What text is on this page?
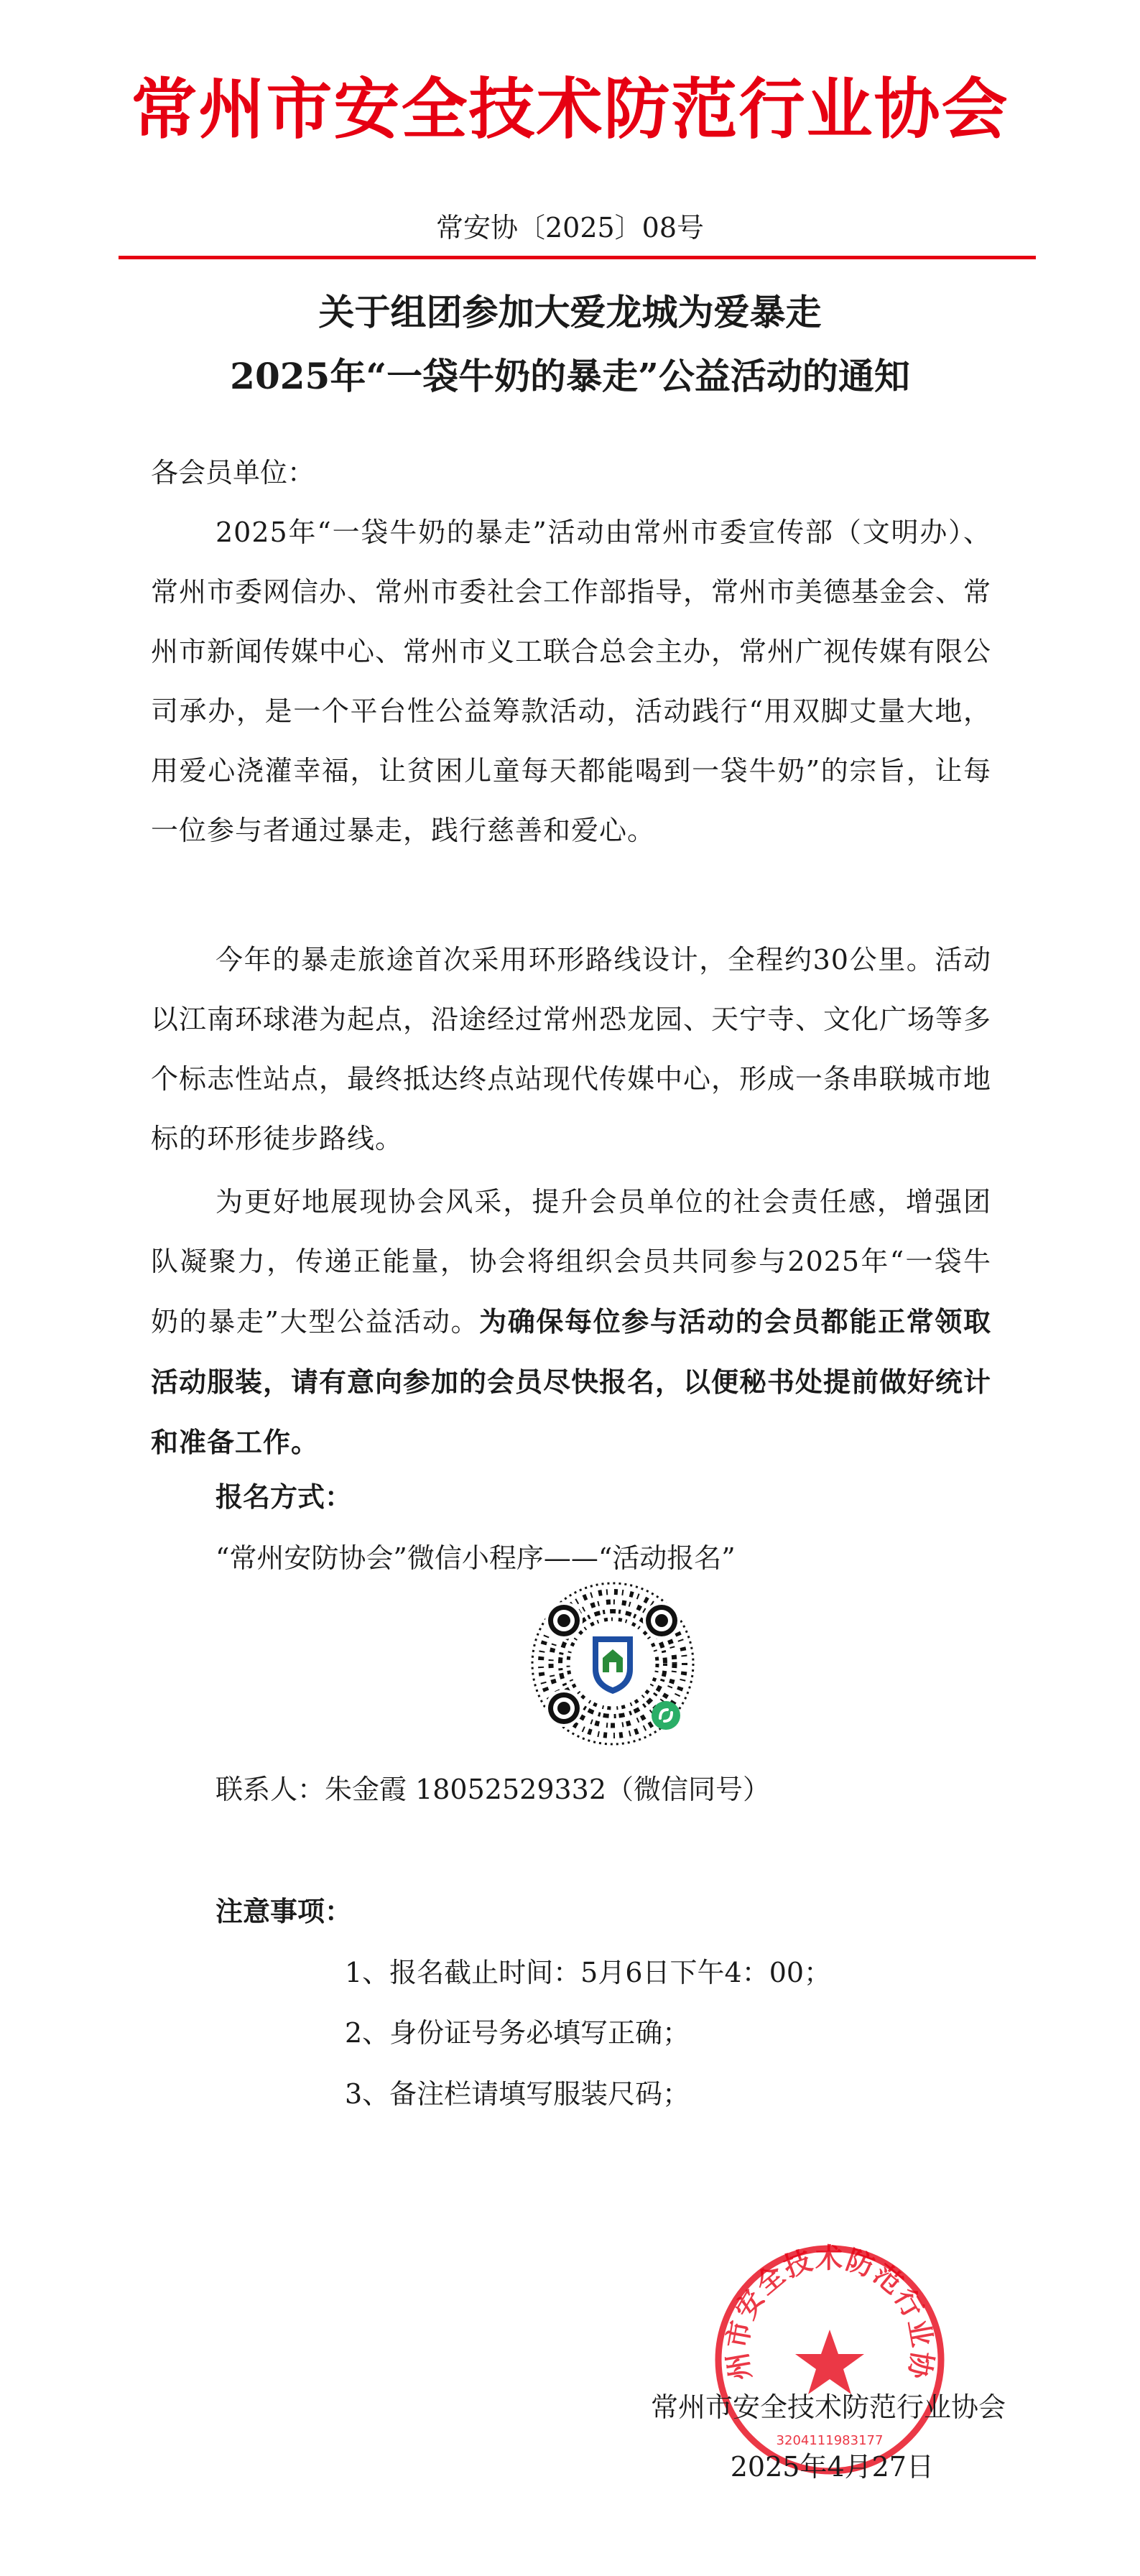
常州市安全技术防范行业协会
常安协〔2025〕08号
关于组团参加大爱龙城为爱暴走
2025年“一袋牛奶的暴走”公益活动的通知
各会员单位：
2025年“一袋牛奶的暴走”活动由常州市委宣传部（文明办）、常州市委网信办、常州市委社会工作部指导，常州市美德基金会、常州市新闻传媒中心、常州市义工联合总会主办，常州广视传媒有限公司承办，是一个平台性公益筹款活动，活动践行“用双脚丈量大地，用爱心浇灌幸福，让贫困儿童每天都能喝到一袋牛奶”的宗旨，让每一位参与者通过暴走，践行慈善和爱心。
今年的暴走旅途首次采用环形路线设计，全程约30公里。活动以江南环球港为起点，沿途经过常州恐龙园、天宁寺、文化广场等多个标志性站点，最终抵达终点站现代传媒中心，形成一条串联城市地标的环形徒步路线。
为更好地展现协会风采，提升会员单位的社会责任感，增强团队凝聚力，传递正能量，协会将组织会员共同参与2025年“一袋牛奶的暴走”大型公益活动。为确保每位参与活动的会员都能正常领取活动服装，请有意向参加的会员尽快报名，以便秘书处提前做好统计和准备工作。
报名方式：
“常州安防协会”微信小程序——“活动报名”
联系人：朱金霞 18052529332（微信同号）
注意事项：
1、报名截止时间：5月6日下午4：00；
2、身份证号务必填写正确；
3、备注栏请填写服装尺码；
州市安全技术防范行业协
3204111983177
常州市安全技术防范行业协会
2025年4月27日
